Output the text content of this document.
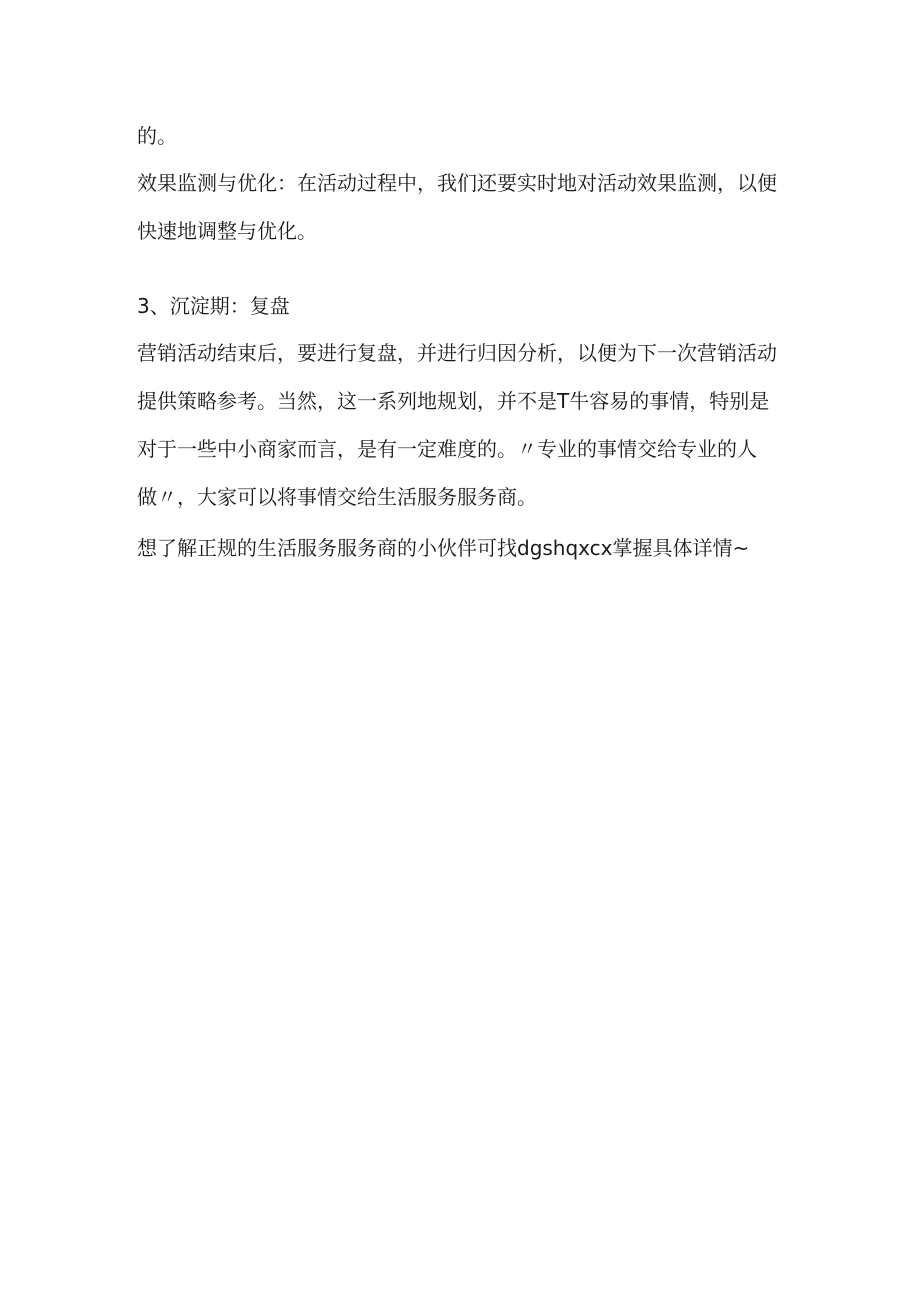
的。

效果监测与优化：在活动过程中，我们还要实时地对活动效果监测，以便
快速地调整与优化。

3、沉淀期：复盘

营销活动结束后，要进行复盘，并进行归因分析，以便为下一次营销活动
提供策略参考。当然，这一系列地规划，并不是T牛容易的事情，特别是
对于一些中小商家而言，是有一定难度的。〃专业的事情交给专业的人
做〃，大家可以将事情交给生活服务服务商。

想了解正规的生活服务服务商的小伙伴可找dgshqxcx掌握具体详情~
